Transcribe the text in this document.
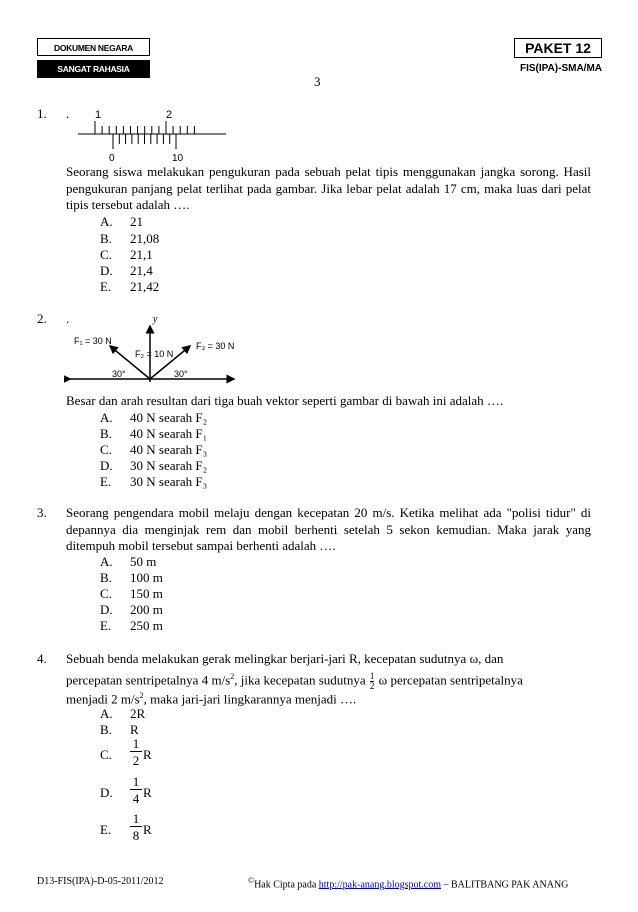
DOKUMEN NEGARA
SANGAT RAHASIA
PAKET 12
FIS(IPA)-SMA/MA
3
1. . 1	2
0	10
Seorang siswa melakukan pengukuran pada sebuah pelat tipis menggunakan jangka sorong. Hasil pengukuran panjang pelat terlihat pada gambar. Jika lebar pelat adalah 17 cm, maka luas dari pelat tipis tersebut adalah ….
A. 21
B. 21,08
C. 21,1
D. 21,4
E. 21,42
2. .	y
F₁ = 30 N
F₂ = 10 N
F₃ = 30 N
30°	30°
Besar dan arah resultan dari tiga buah vektor seperti gambar di bawah ini adalah ….
A. 40 N searah F₂
B. 40 N searah F₁
C. 40 N searah F₃
D. 30 N searah F₂
E. 30 N searah F₃
3. Seorang pengendara mobil melaju dengan kecepatan 20 m/s. Ketika melihat ada "polisi tidur" di depannya dia menginjak rem dan mobil berhenti setelah 5 sekon kemudian. Maka jarak yang ditempuh mobil tersebut sampai berhenti adalah ….
A. 50 m
B. 100 m
C. 150 m
D. 200 m
E. 250 m
4. Sebuah benda melakukan gerak melingkar berjari-jari R, kecepatan sudutnya ω, dan
percepatan sentripetalnya 4 $m/s^2$, jika kecepatan sudutnya $\frac{1}{2}$ ω percepatan sentripetalnya
menjadi 2 $m/s^2$, maka jari-jari lingkarannya menjadi ….
A. 2R
B. R
C. $\frac{1}{2}$ R
D. $\frac{1}{4}$ R
E. $\frac{1}{8}$ R
D13-FIS(IPA)-D-05-2011/2012	©Hak Cipta pada http://pak-anang.blogspot.com – BALITBANG PAK ANANG
